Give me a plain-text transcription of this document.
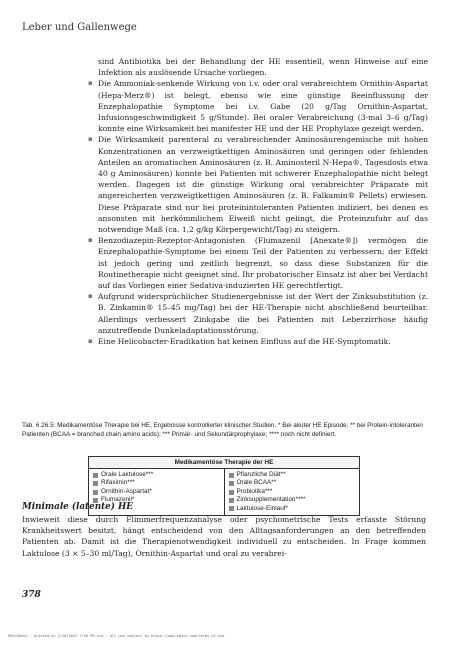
Leber und Gallenwege

sind Antibiotika bei der Behandlung der HE essentiell, wenn Hinweise auf eine Infektion als auslösende Ursache vorliegen.

▪ Die Ammoniak-senkende Wirkung von i.v. oder oral verabreichtem Ornithin-Aspartat (Hepa-Merz®) ist belegt, ebenso wie eine günstige Beeinflussung der Enzephalopathie Symptome bei i.v. Gabe (20 g/Tag Ornithin-Aspartat, Infusionsgeschwindigkeit 5 g/Stunde). Bei oraler Verabreichung (3-mal 3–6 g/Tag) konnte eine Wirksamkeit bei manifester HE und der HE Prophylaxe gezeigt werden.
▪ Die Wirksamkeit parenteral zu verabreichender Aminosäurengemische mit hohen Konzentrationen an verzweigtkettigen Aminosäuren und geringen oder fehlenden Anteilen an aromatischen Aminosäuren (z. B. Aminosteril N-Hepa®, Tagesdosis etwa 40 g Aminosäuren) konnte bei Patienten mit schwerer Enzephalopathie nicht belegt werden. Dagegen ist die günstige Wirkung oral verabreichter Präparate mit angereicherten verzweigtkettigen Aminosäuren (z. B. Falkamin® Pellets) erwiesen. Diese Präparate sind nur bei proteinintoleranten Patienten indiziert, bei denen es ansonsten mit herkömmlichem Eiweiß nicht gelingt, die Proteinzufuhr auf das notwendige Maß (ca. 1,2 g/kg Körpergewicht/Tag) zu steigern.
▪ Benzodiazepin-Rezeptor-Antagonisten (Flumazenil [Anexate®]) vermögen die Enzephalopathie-Symptome bei einem Teil der Patienten zu verbessern; der Effekt ist jedoch gering und zeitlich begrenzt, so dass diese Substanzen für die Routinetherapie nicht geeignet sind. Ihr probatorischer Einsatz ist aber bei Verdacht auf das Vorliegen einer Sedativa-induzierten HE gerechtfertigt.
▪ Aufgrund widersprüchlicher Studienergebnisse ist der Wert der Zinksubstitution (z. B. Zinkamin® 15–45 mg/Tag) bei der HE-Therapie nicht abschließend beurteilbar. Allerdings verbessert Zinkgabe die bei Patienten mit Leberzirrhose häufig anzutreffende Dunkeladaptationsstörung.
▪ Eine Helicobacter-Eradikation hat keinen Einfluss auf die HE-Symptomatik.
Tab. 6.26.5: Medikamentöse Therapie bei HE, Ergebnisse kontrollierter klinischer Studien. * Bei akuter HE Episode; ** bei Protein-intoleranten Patienten (BCAA = branched chain amino acids); *** Primär- und Sekundärprophylaxe; **** noch nicht definiert.
Medikamentöse Therapie der HE
Orale Laktulose***
Rifaximin***
Ornithin-Aspartat*
Flumazenil*
Pflanzliche Diät**
Orale BCAA**
Probiotika***
Zinksupplementation****
Laktulose-Einlauf*
Minimale (latente) HE
Inwieweit diese durch Flimmerfrequenzanalyse oder psychometrische Tests erfasste Störung Krankheitswert besitzt, hängt entscheidend von den Alltagsanforderungen an den betreffenden Patienten ab. Damit ist die Therapienotwendigkeit individuell zu entscheiden. In Frage kommen Laktulose (3 × 5–30 ml/Tag), Ornithin-Aspartat und oral zu verabrei-
378
EBSCOhost - printed on 2/20/2023 7:56 PM via . All use subject to https://www.ebsco.com/terms-of-use
